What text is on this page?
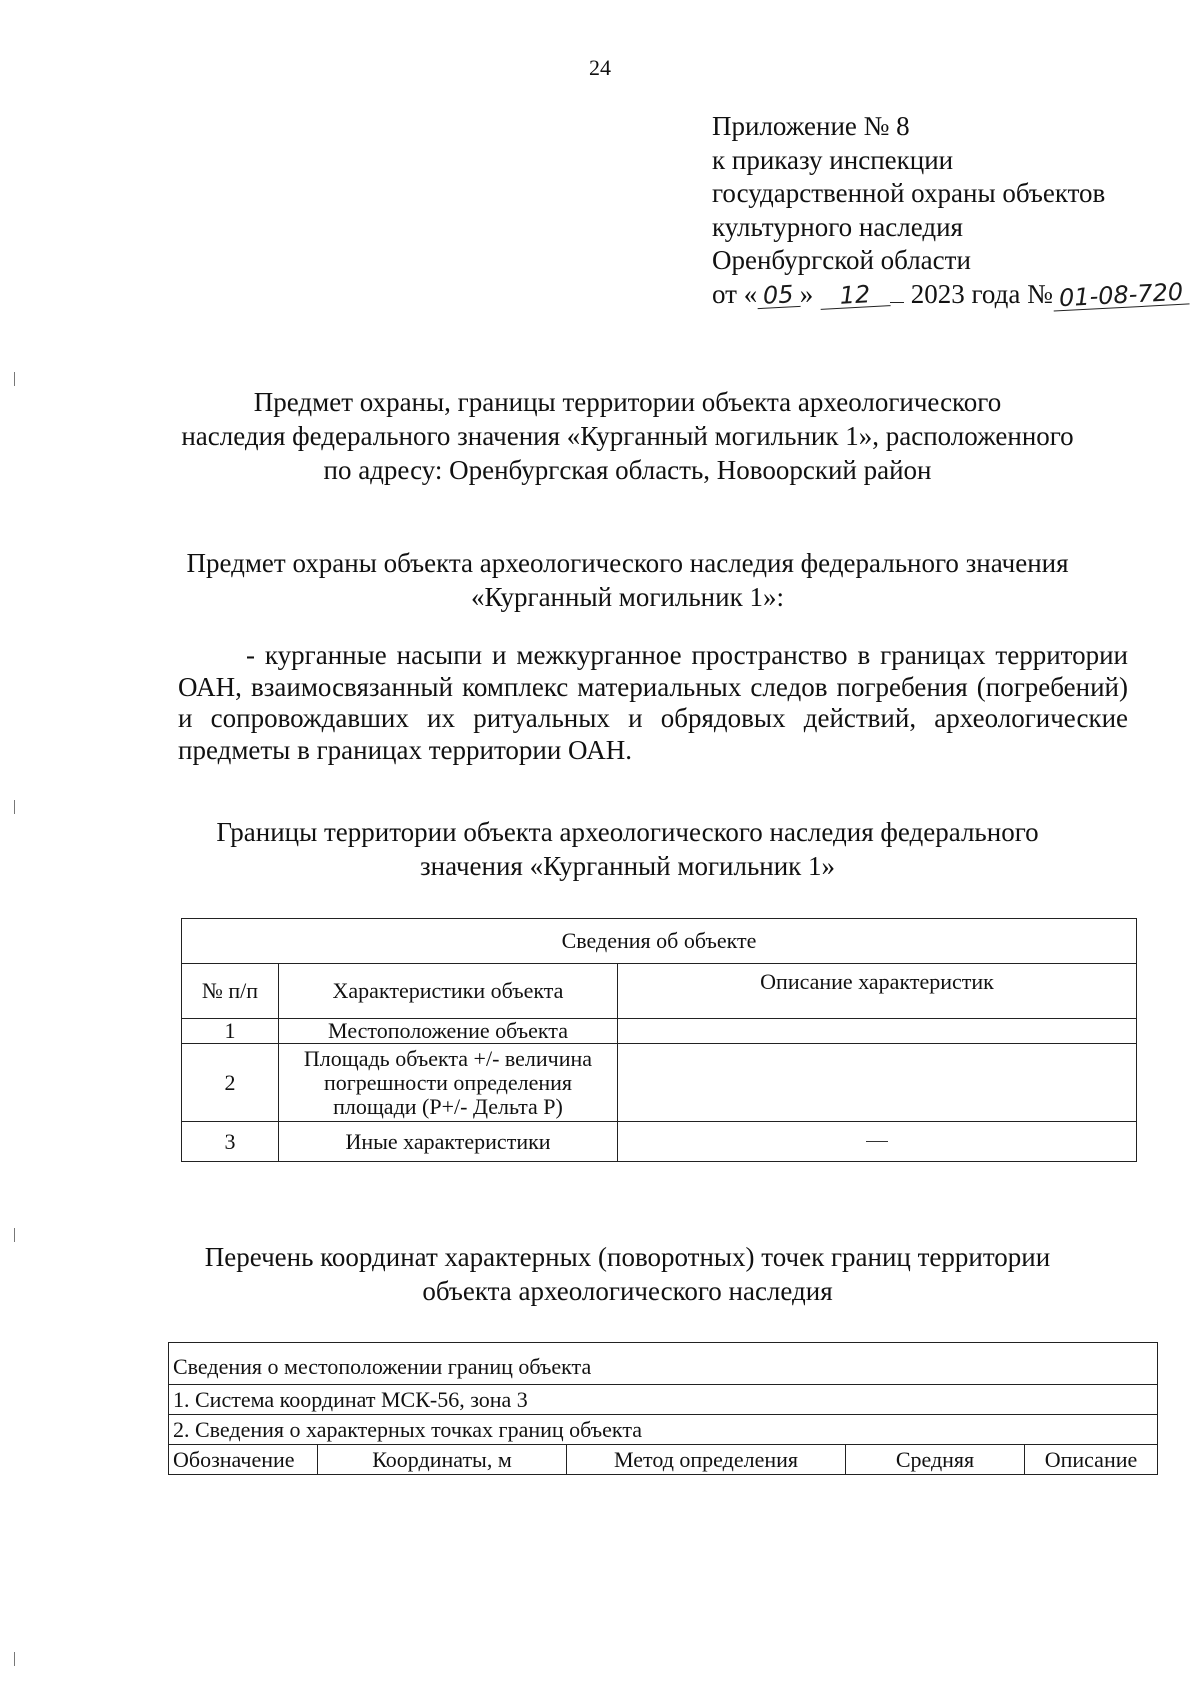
24
Приложение № 8
к приказу инспекции
государственной охраны объектов
культурного наследия
Оренбургской области
от « 05 » 12 2023 года № 01-08-720
Предмет охраны, границы территории объекта археологического
наследия федерального значения «Курганный могильник 1», расположенного
по адресу: Оренбургская область, Новоорский район
Предмет охраны объекта археологического наследия федерального значения
«Курганный могильник 1»:
- курганные насыпи и межкурганное пространство в границах территории ОАН, взаимосвязанный комплекс материальных следов погребения (погребений) и сопровождавших их ритуальных и обрядовых действий, археологические предметы в границах территории ОАН.
Границы территории объекта археологического наследия федерального
значения «Курганный могильник 1»
Сведения об объекте		
№ п/п	Характеристики объекта	Описание характеристик
1	Местоположение объекта	
2	Площадь объекта +/- величина погрешности определения площади (P+/- Дельта P)	
3	Иные характеристики	
Перечень координат характерных (поворотных) точек границ территории
объекта археологического наследия
Сведения о местоположении границ объекта
1. Система координат МСК-56, зона 3
2. Сведения о характерных точках границ объекта
Обозначение	Координаты, м	Метод определения	Средняя	Описание
